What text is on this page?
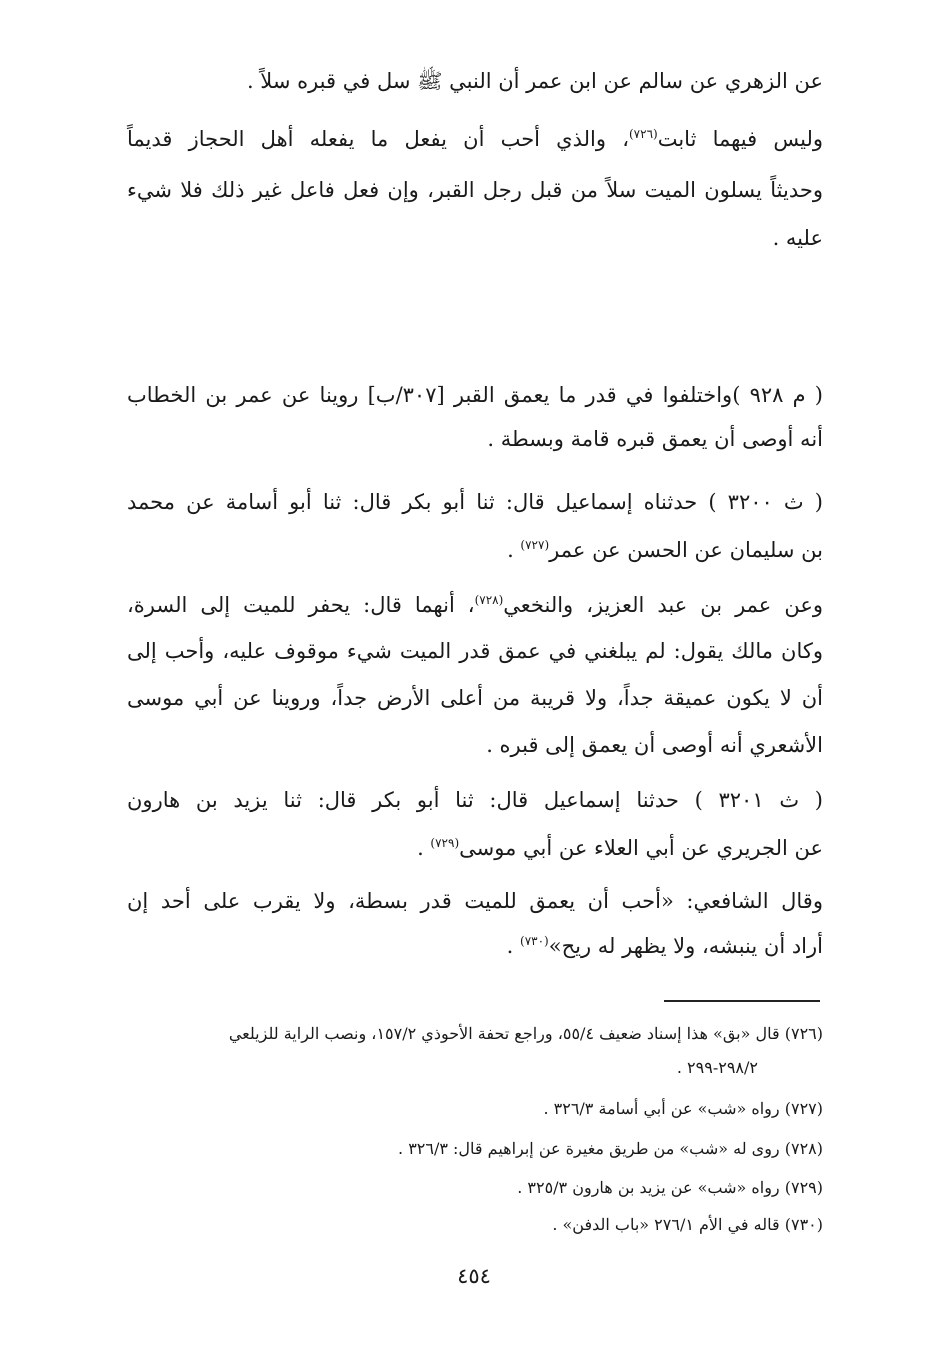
عن الزهري عن سالم عن ابن عمر أن النبي ﷺ سل في قبره سلاً .
وليس فيهما ثابت$^{(٧٢٦)}$، والذي أحب أن يفعل ما يفعله أهل الحجاز قديماً
وحديثاً يسلون الميت سلاً من قبل رجل القبر، وإن فعل فاعل غير ذلك فلا شيء
عليه .
( م ٩٢٨ )واختلفوا في قدر ما يعمق القبر [٣٠٧/ب] روينا عن عمر بن الخطاب
أنه أوصى أن يعمق قبره قامة وبسطة .
( ث ٣٢٠٠ ) حدثناه إسماعيل قال: ثنا أبو بكر قال: ثنا أبو أسامة عن محمد
بن سليمان عن الحسن عن عمر$^{(٧٢٧)}$ .
وعن عمر بن عبد العزيز، والنخعي$^{(٧٢٨)}$، أنهما قال: يحفر للميت إلى السرة،
وكان مالك يقول: لم يبلغني في عمق قدر الميت شيء موقوف عليه، وأحب إلى
أن لا يكون عميقة جداً، ولا قريبة من أعلى الأرض جداً، وروينا عن أبي موسى
الأشعري أنه أوصى أن يعمق إلى قبره .
( ث ٣٢٠١ ) حدثنا إسماعيل قال: ثنا أبو بكر قال: ثنا يزيد بن هارون
عن الجريري عن أبي العلاء عن أبي موسى$^{(٧٢٩)}$ .
وقال الشافعي: «أحب أن يعمق للميت قدر بسطة، ولا يقرب على أحد إن
أراد أن ينبشه، ولا يظهر له ريح»$^{(٧٣٠)}$ .
(٧٢٦) قال «بق» هذا إسناد ضعيف ٥٥/٤، وراجع تحفة الأحوذي ١٥٧/٢، ونصب الراية للزيلعي
٢٩٨/٢-٢٩٩ .
(٧٢٧) رواه «شب» عن أبي أسامة ٣٢٦/٣ .
(٧٢٨) روى له «شب» من طريق مغيرة عن إبراهيم قال: ٣٢٦/٣ .
(٧٢٩) رواه «شب» عن يزيد بن هارون ٣٢٥/٣ .
(٧٣٠) قاله في الأم ٢٧٦/١ «باب الدفن» .
٤٥٤
